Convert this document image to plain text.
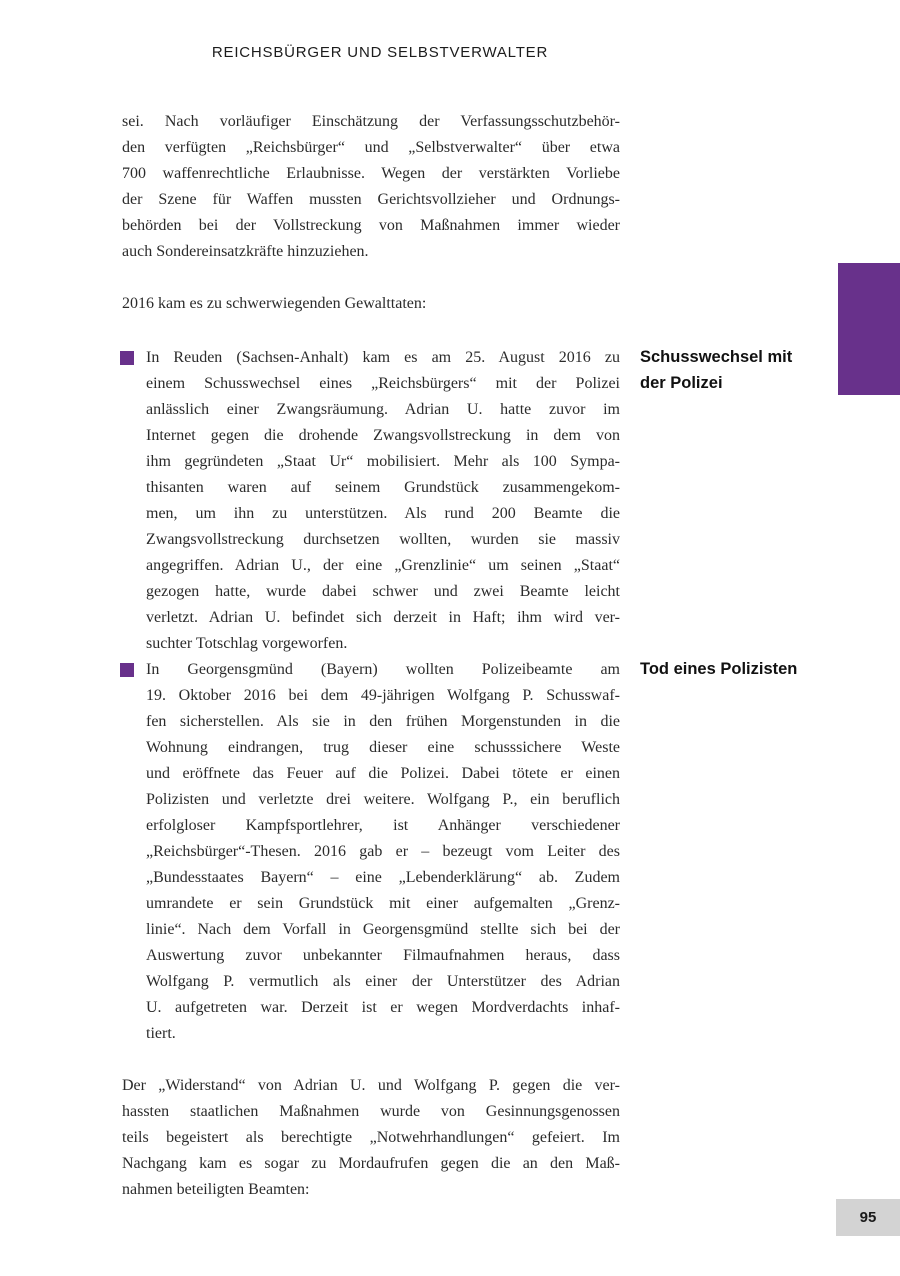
REICHSBÜRGER UND SELBSTVERWALTER
sei. Nach vorläufiger Einschätzung der Verfassungsschutzbehör-
den verfügten „Reichsbürger“ und „Selbstverwalter“ über etwa
700 waffenrechtliche Erlaubnisse. Wegen der verstärkten Vorliebe
der Szene für Waffen mussten Gerichtsvollzieher und Ordnungs-
behörden bei der Vollstreckung von Maßnahmen immer wieder
auch Sondereinsatzkräfte hinzuziehen.
2016 kam es zu schwerwiegenden Gewalttaten:
In Reuden (Sachsen-Anhalt) kam es am 25. August 2016 zu
einem Schusswechsel eines „Reichsbürgers“ mit der Polizei
anlässlich einer Zwangsräumung. Adrian U. hatte zuvor im
Internet gegen die drohende Zwangsvollstreckung in dem von
ihm gegründeten „Staat Ur“ mobilisiert. Mehr als 100 Sympa-
thisanten waren auf seinem Grundstück zusammengekom-
men, um ihn zu unterstützen. Als rund 200 Beamte die
Zwangsvollstreckung durchsetzen wollten, wurden sie massiv
angegriffen. Adrian U., der eine „Grenzlinie“ um seinen „Staat“
gezogen hatte, wurde dabei schwer und zwei Beamte leicht
verletzt. Adrian U. befindet sich derzeit in Haft; ihm wird ver-
suchter Totschlag vorgeworfen.
In Georgensgmünd (Bayern) wollten Polizeibeamte am
19. Oktober 2016 bei dem 49-jährigen Wolfgang P. Schusswaf-
fen sicherstellen. Als sie in den frühen Morgenstunden in die
Wohnung eindrangen, trug dieser eine schusssichere Weste
und eröffnete das Feuer auf die Polizei. Dabei tötete er einen
Polizisten und verletzte drei weitere. Wolfgang P., ein beruflich
erfolgloser Kampfsportlehrer, ist Anhänger verschiedener
„Reichsbürger“-Thesen. 2016 gab er – bezeugt vom Leiter des
„Bundesstaates Bayern“ – eine „Lebenderklärung“ ab. Zudem
umrandete er sein Grundstück mit einer aufgemalten „Grenz-
linie“. Nach dem Vorfall in Georgensgmünd stellte sich bei der
Auswertung zuvor unbekannter Filmaufnahmen heraus, dass
Wolfgang P. vermutlich als einer der Unterstützer des Adrian
U. aufgetreten war. Derzeit ist er wegen Mordverdachts inhaf-
tiert.
Der „Widerstand“ von Adrian U. und Wolfgang P. gegen die ver-
hassten staatlichen Maßnahmen wurde von Gesinnungsgenossen
teils begeistert als berechtigte „Notwehrhandlungen“ gefeiert. Im
Nachgang kam es sogar zu Mordaufrufen gegen die an den Maß-
nahmen beteiligten Beamten:
Schusswechsel mit
der Polizei
Tod eines Polizisten
95
